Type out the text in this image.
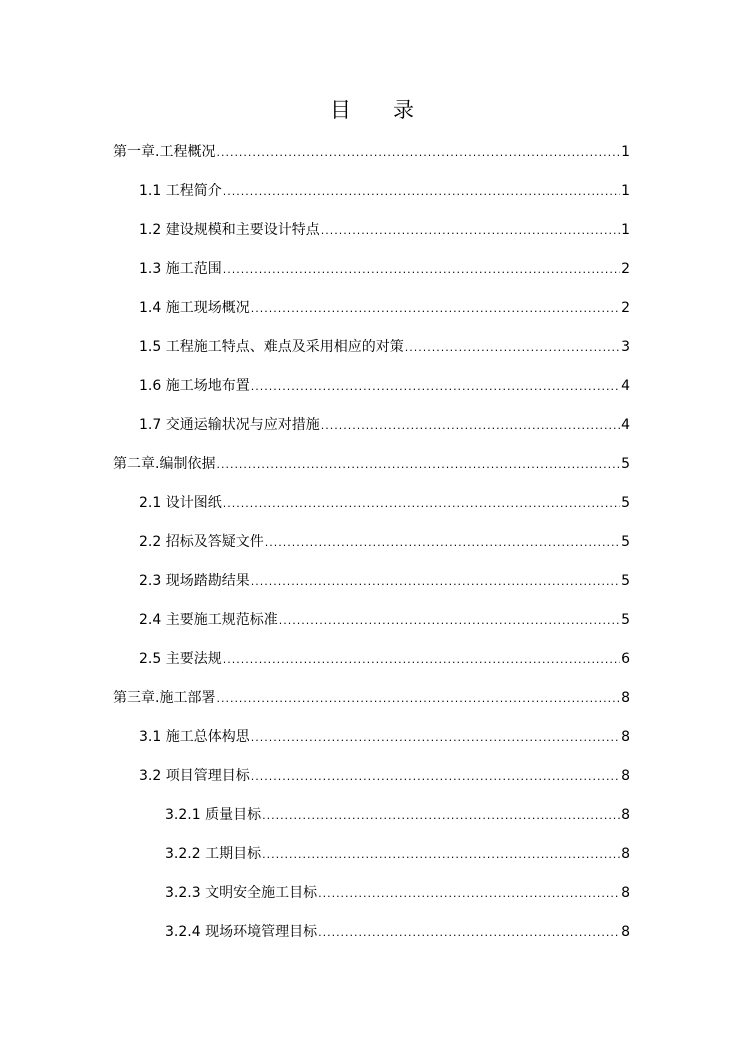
目　　录
第一章.工程概况 .....	1
1.1 工程简介 .....	1
1.2 建设规模和主要设计特点 .....	1
1.3 施工范围 .....	2
1.4 施工现场概况 .....	2
1.5 工程施工特点、难点及采用相应的对策 .....	3
1.6 施工场地布置 .....	4
1.7 交通运输状况与应对措施 .....	4
第二章.编制依据 .....	5
2.1 设计图纸 .....	5
2.2 招标及答疑文件 .....	5
2.3 现场踏勘结果 .....	5
2.4 主要施工规范标准 .....	5
2.5 主要法规 .....	6
第三章.施工部署 .....	8
3.1 施工总体构思 .....	8
3.2 项目管理目标 .....	8
3.2.1 质量目标 .....	8
3.2.2 工期目标 .....	8
3.2.3 文明安全施工目标 .....	8
3.2.4 现场环境管理目标 .....	8
